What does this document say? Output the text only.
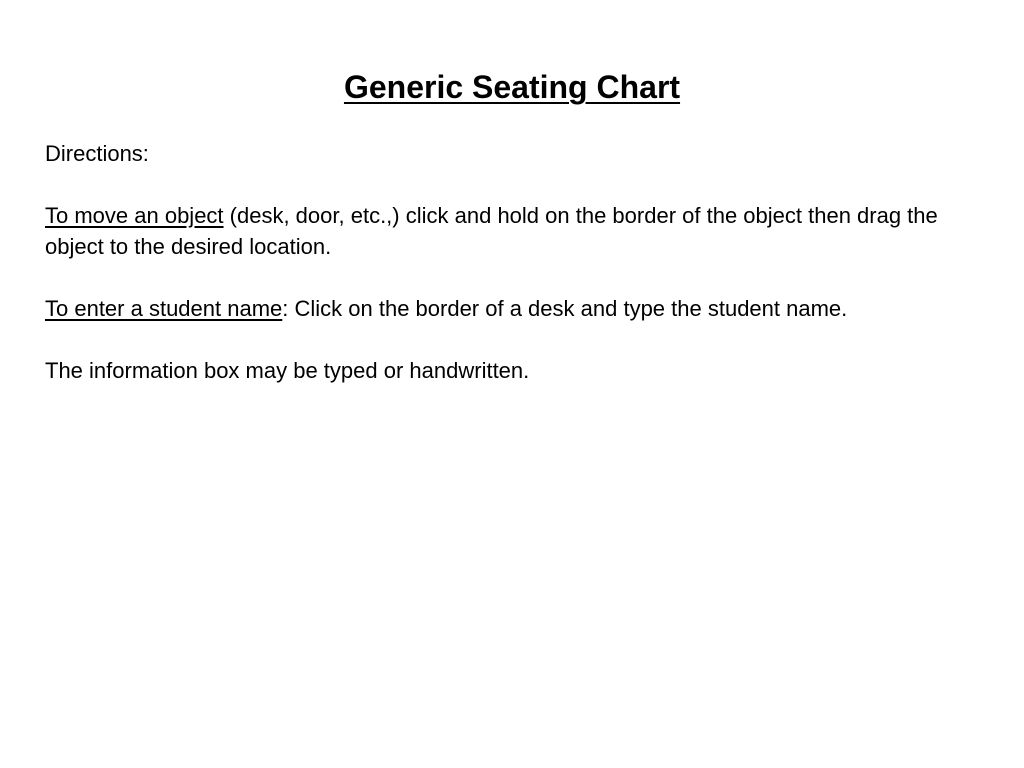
Generic Seating Chart

Directions:

To move an object (desk, door, etc.,) click and hold on the border of the object then drag the object to the desired location.

To enter a student name: Click on the border of a desk and type the student name.

The information box may be typed or handwritten.
